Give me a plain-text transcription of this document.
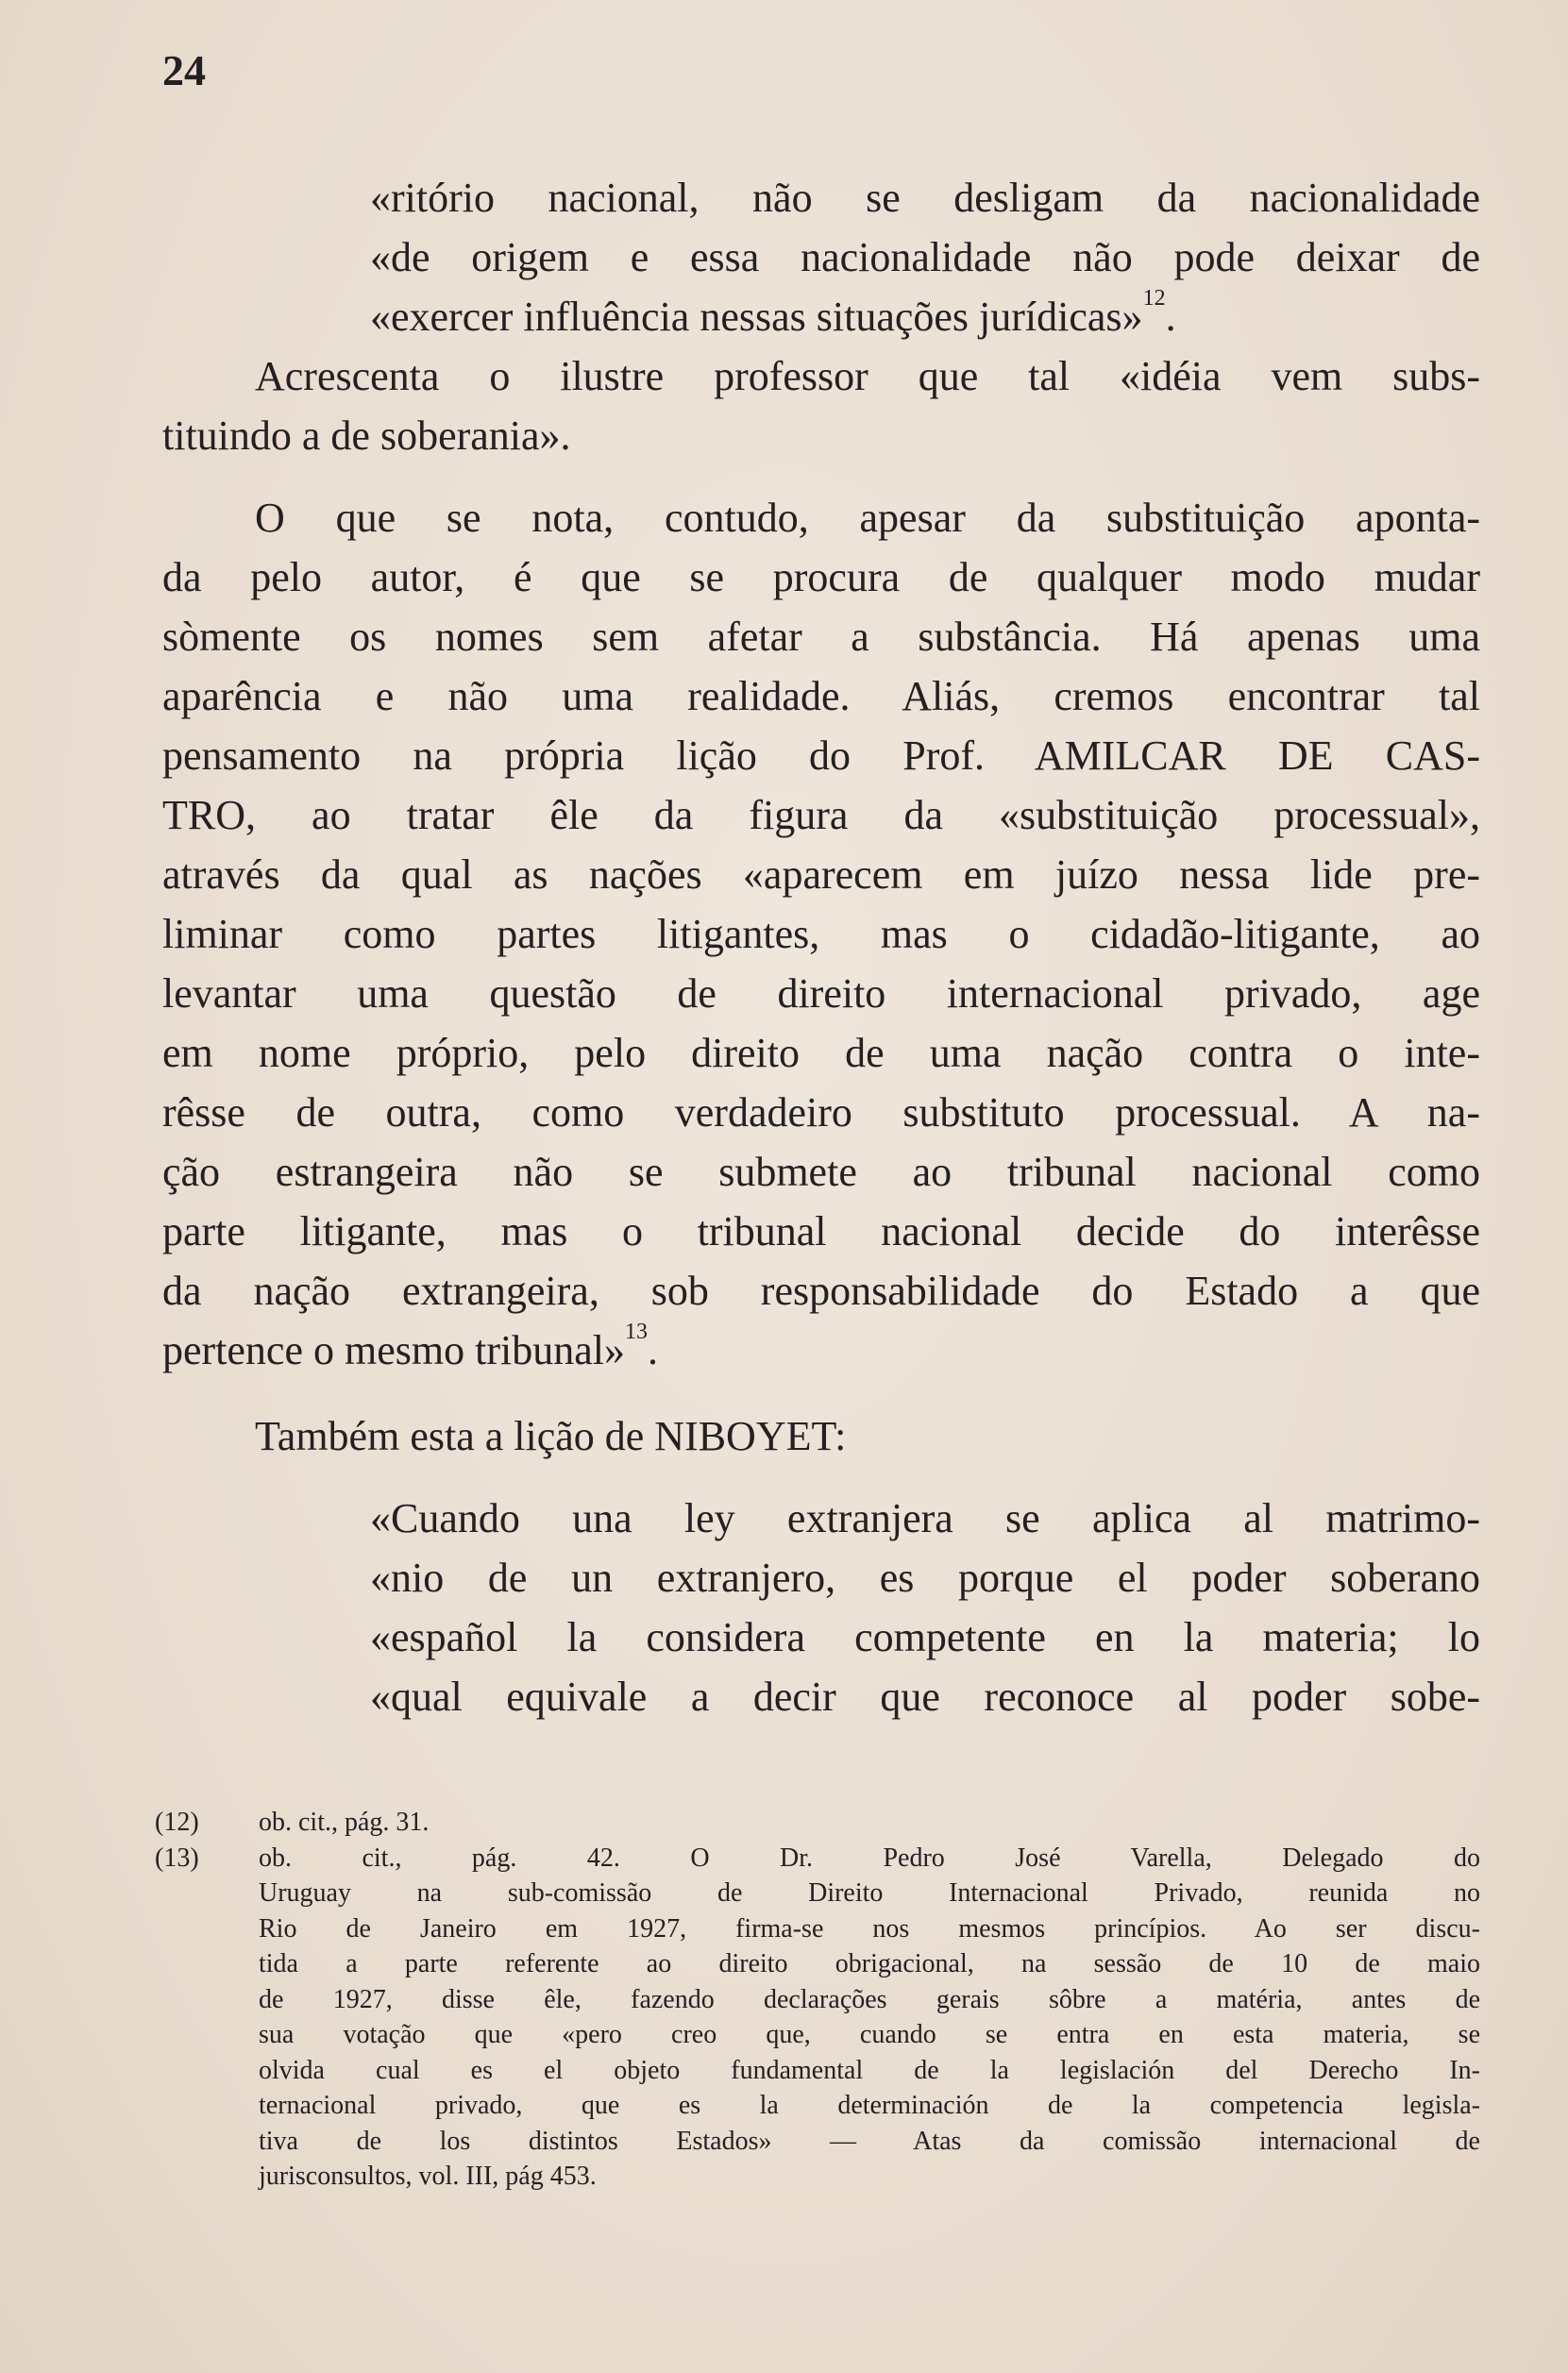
24
«ritório nacional, não se desligam da nacionalidade
«de origem e essa nacionalidade não pode deixar de
«exercer influência nessas situações jurídicas»$^{12}$.
Acrescenta o ilustre professor que tal «idéia vem subs-
tituindo a de soberania».
O que se nota, contudo, apesar da substituição aponta-
da pelo autor, é que se procura de qualquer modo mudar
sòmente os nomes sem afetar a substância. Há apenas uma
aparência e não uma realidade. Aliás, cremos encontrar tal
pensamento na própria lição do Prof. AMILCAR DE CAS-
TRO, ao tratar êle da figura da «substituição processual»,
através da qual as nações «aparecem em juízo nessa lide pre-
liminar como partes litigantes, mas o cidadão-litigante, ao
levantar uma questão de direito internacional privado, age
em nome próprio, pelo direito de uma nação contra o inte-
rêsse de outra, como verdadeiro substituto processual. A na-
ção estrangeira não se submete ao tribunal nacional como
parte litigante, mas o tribunal nacional decide do interêsse
da nação extrangeira, sob responsabilidade do Estado a que
pertence o mesmo tribunal»$^{13}$.
Também esta a lição de NIBOYET:
«Cuando una ley extranjera se aplica al matrimo-
«nio de un extranjero, es porque el poder soberano
«español la considera competente en la materia; lo
«qual equivale a decir que reconoce al poder sobe-
(12)	ob. cit., pág. 31.
(13)	ob. cit., pág. 42. O Dr. Pedro José Varella, Delegado do
Uruguay na sub-comissão de Direito Internacional Privado, reunida no
Rio de Janeiro em 1927, firma-se nos mesmos princípios. Ao ser discu-
tida a parte referente ao direito obrigacional, na sessão de 10 de maio
de 1927, disse êle, fazendo declarações gerais sôbre a matéria, antes de
sua votação que «pero creo que, cuando se entra en esta materia, se
olvida cual es el objeto fundamental de la legislación del Derecho In-
ternacional privado, que es la determinación de la competencia legisla-
tiva de los distintos Estados» — Atas da comissão internacional de
jurisconsultos, vol. III, pág 453.
